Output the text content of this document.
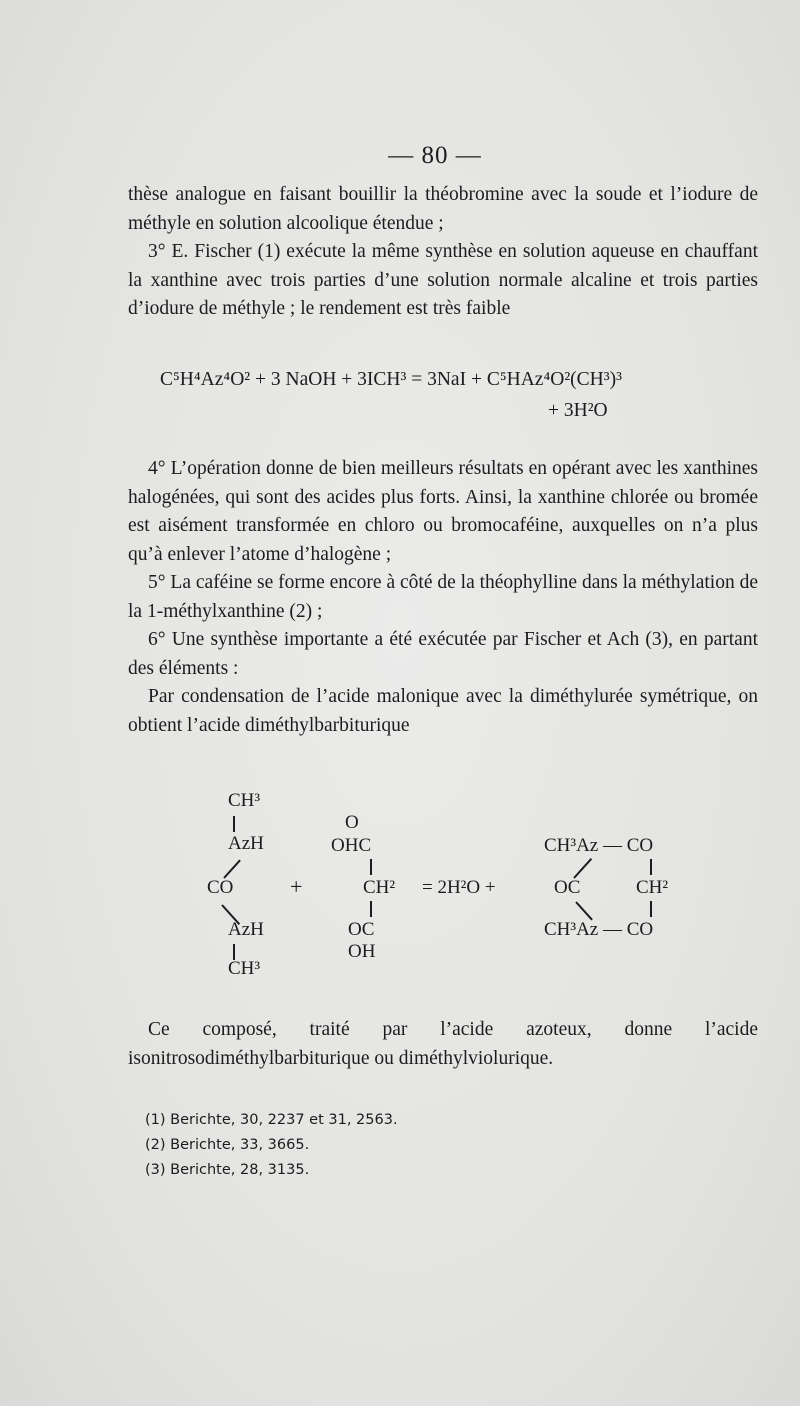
— 80 —

thèse analogue en faisant bouillir la théobromine avec la soude et l’iodure de méthyle en solution alcoolique étendue ;

3° E. Fischer (1) exécute la même synthèse en solution aqueuse en chauffant la xanthine avec trois parties d’une solution normale alcaline et trois parties d’iodure de méthyle ; le rendement est très faible

C⁵H⁴Az⁴O² + 3 NaOH + 3ICH³ = 3NaI + C⁵HAz⁴O²(CH³)³
+ 3H²O

4° L’opération donne de bien meilleurs résultats en opérant avec les xanthines halogénées, qui sont des acides plus forts. Ainsi, la xanthine chlorée ou bromée est aisément transformée en chloro ou bromocaféine, auxquelles on n’a plus qu’à enlever l’atome d’halogène ;

5° La caféine se forme encore à côté de la théophylline dans la méthylation de la 1-méthylxanthine (2) ;

6° Une synthèse importante a été exécutée par Fischer et Ach (3), en partant des éléments :

Par condensation de l’acide malonique avec la diméthylurée symétrique, on obtient l’acide diméthylbarbiturique

CH³
AzH
CO
AzH
CH³
+
O
OHC
CH²
OC
OH
= 2H²O +
CH³Az — CO
OC	CH²
CH³Az — CO

Ce composé, traité par l’acide azoteux, donne l’acide isonitrosodiméthylbarbiturique ou diméthylviolurique.

(1) Berichte, 30, 2237 et 31, 2563.
(2) Berichte, 33, 3665.
(3) Berichte, 28, 3135.
